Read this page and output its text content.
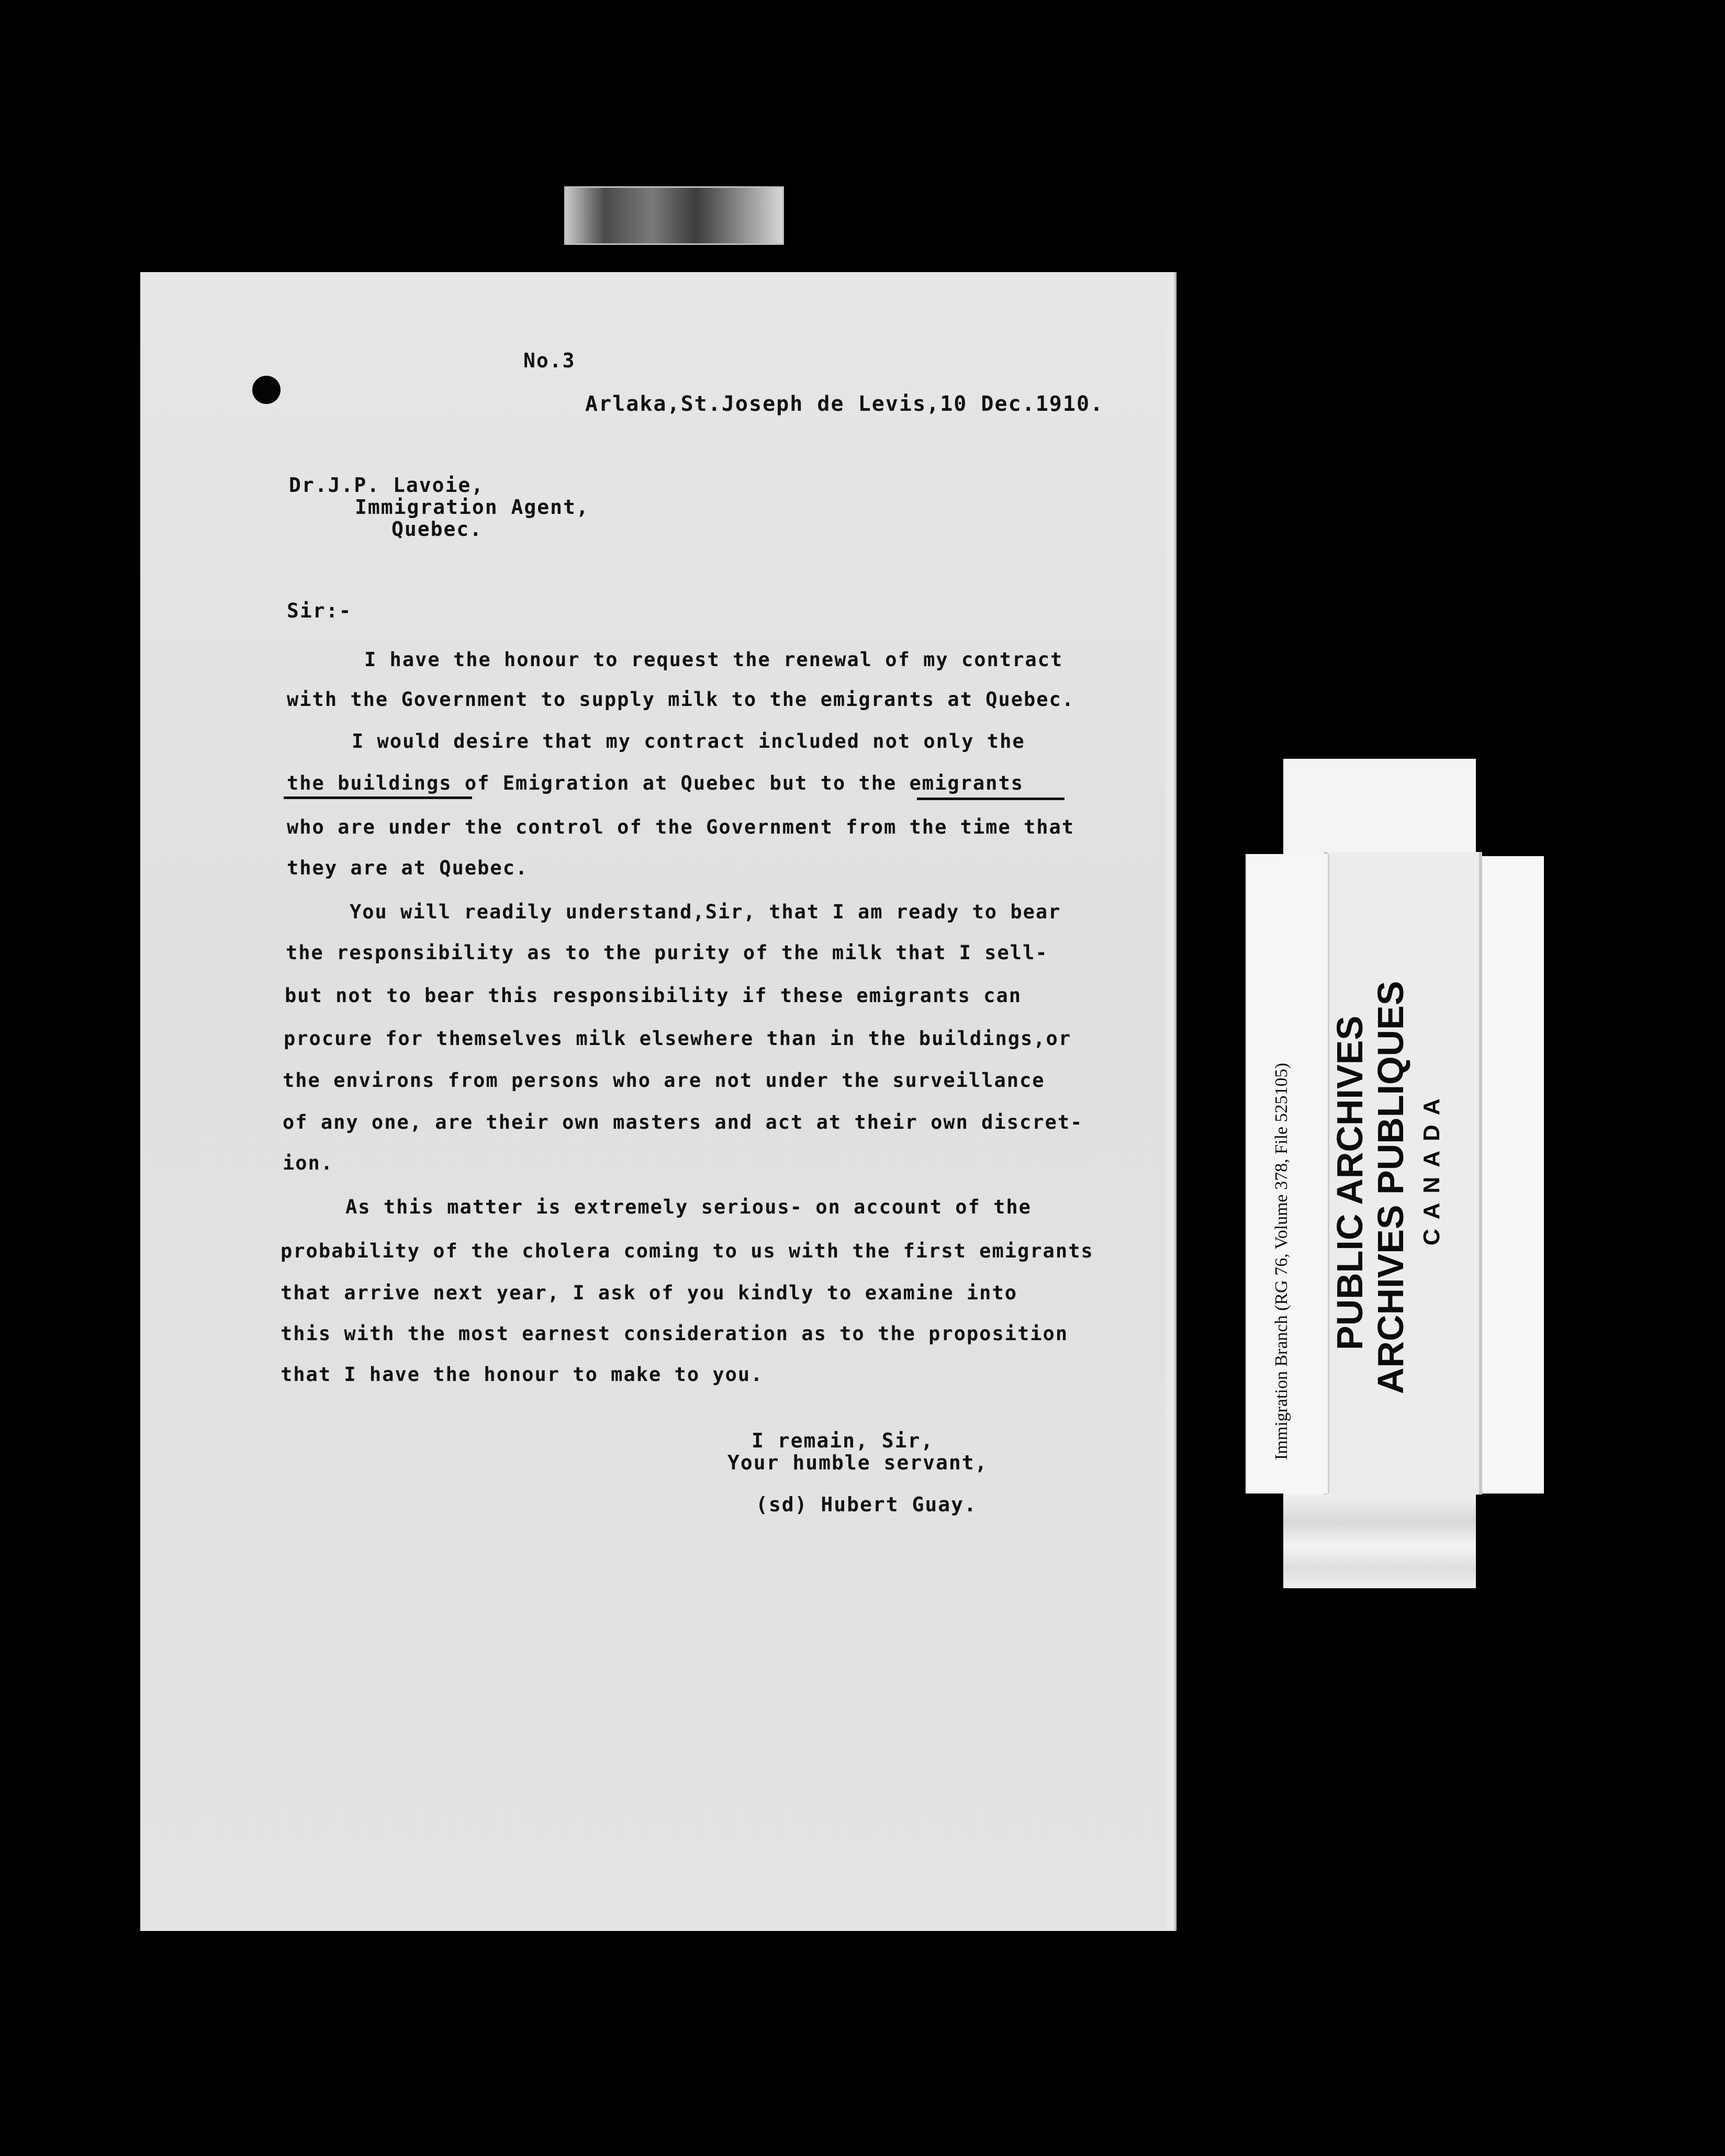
No.3
Arlaka,St.Joseph de Levis,10 Dec.1910.
Dr.J.P. Lavoie,
Immigration Agent,
Quebec.
Sir:-
I have the honour to request the renewal of my contract
with the Government to supply milk to the emigrants at Quebec.
I would desire that my contract included not only the
the buildings of Emigration at Quebec but to the emigrants
who are under the control of the Government from the time that
they are at Quebec.
You will readily understand,Sir, that I am ready to bear
the responsibility as to the purity of the milk that I sell-
but not to bear this responsibility if these emigrants can
procure for themselves milk elsewhere than in the buildings,or
the environs from persons who are not under the surveillance
of any one, are their own masters and act at their own discret-
ion.
As this matter is extremely serious- on account of the
probability of the cholera coming to us with the first emigrants
that arrive next year, I ask of you kindly to examine into
this with the most earnest consideration as to the proposition
that I have the honour to make to you.
I remain, Sir,
Your humble servant,
(sd) Hubert Guay.
Immigration Branch (RG 76, Volume 378, File 525105) PUBLIC ARCHIVES ARCHIVES PUBLIQUES CANADA
